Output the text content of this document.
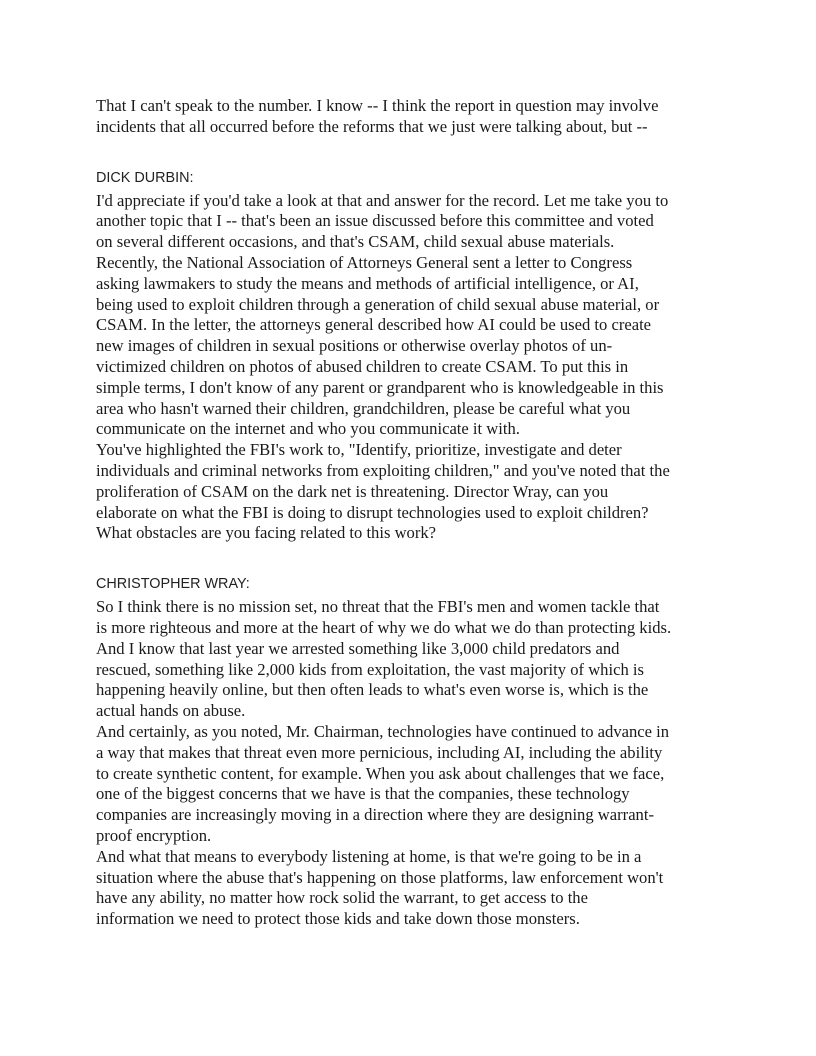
That I can't speak to the number. I know -- I think the report in question may involve
incidents that all occurred before the reforms that we just were talking about, but --

DICK DURBIN:

I'd appreciate if you'd take a look at that and answer for the record. Let me take you to
another topic that I -- that's been an issue discussed before this committee and voted
on several different occasions, and that's CSAM, child sexual abuse materials.
Recently, the National Association of Attorneys General sent a letter to Congress
asking lawmakers to study the means and methods of artificial intelligence, or AI,
being used to exploit children through a generation of child sexual abuse material, or
CSAM. In the letter, the attorneys general described how AI could be used to create
new images of children in sexual positions or otherwise overlay photos of un-
victimized children on photos of abused children to create CSAM. To put this in
simple terms, I don't know of any parent or grandparent who is knowledgeable in this
area who hasn't warned their children, grandchildren, please be careful what you
communicate on the internet and who you communicate it with.

You've highlighted the FBI's work to, "Identify, prioritize, investigate and deter
individuals and criminal networks from exploiting children," and you've noted that the
proliferation of CSAM on the dark net is threatening. Director Wray, can you
elaborate on what the FBI is doing to disrupt technologies used to exploit children?
What obstacles are you facing related to this work?

CHRISTOPHER WRAY:

So I think there is no mission set, no threat that the FBI's men and women tackle that
is more righteous and more at the heart of why we do what we do than protecting kids.
And I know that last year we arrested something like 3,000 child predators and
rescued, something like 2,000 kids from exploitation, the vast majority of which is
happening heavily online, but then often leads to what's even worse is, which is the
actual hands on abuse.

And certainly, as you noted, Mr. Chairman, technologies have continued to advance in
a way that makes that threat even more pernicious, including AI, including the ability
to create synthetic content, for example. When you ask about challenges that we face,
one of the biggest concerns that we have is that the companies, these technology
companies are increasingly moving in a direction where they are designing warrant-
proof encryption.

And what that means to everybody listening at home, is that we're going to be in a
situation where the abuse that's happening on those platforms, law enforcement won't
have any ability, no matter how rock solid the warrant, to get access to the
information we need to protect those kids and take down those monsters.
